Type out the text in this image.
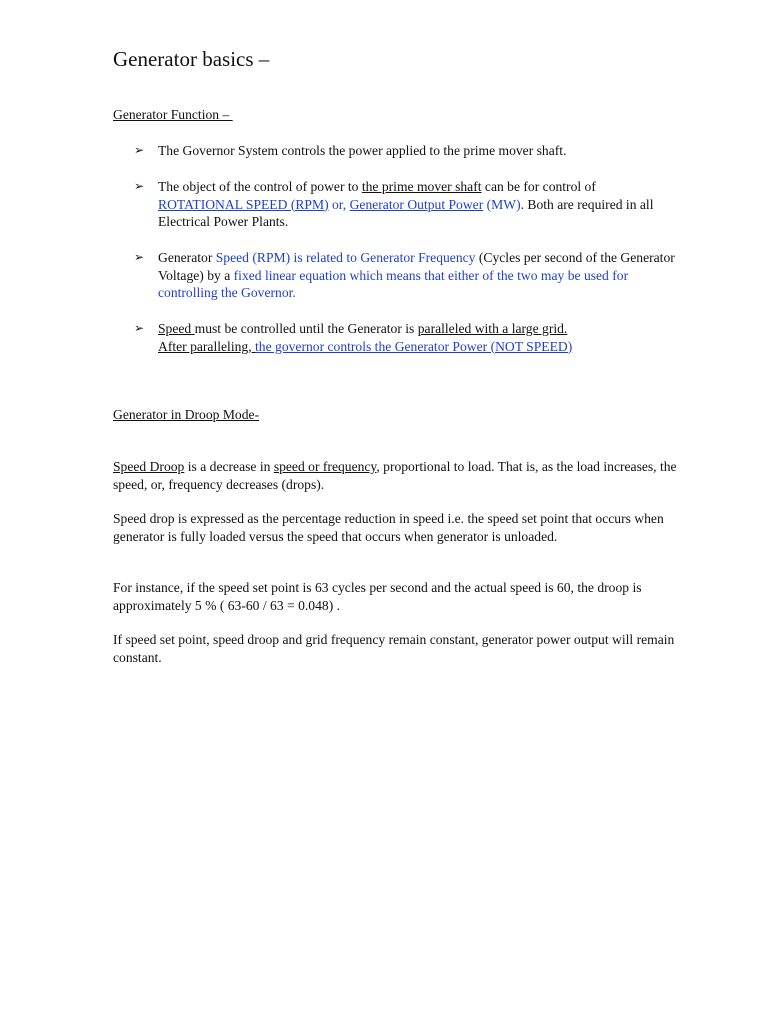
Generator basics –
Generator Function –
➢ The Governor System controls the power applied to the prime mover shaft.
➢ The object of the control of power to the prime mover shaft can be for control of ROTATIONAL SPEED (RPM) or, Generator Output Power (MW). Both are required in all Electrical Power Plants.
➢ Generator Speed (RPM) is related to Generator Frequency (Cycles per second of the Generator Voltage) by a fixed linear equation which means that either of the two may be used for controlling the Governor.
➢ Speed must be controlled until the Generator is paralleled with a large grid.
After paralleling, the governor controls the Generator Power (NOT SPEED)
Generator in Droop Mode-
Speed Droop is a decrease in speed or frequency, proportional to load. That is, as the load increases, the speed, or, frequency decreases (drops).
Speed drop is expressed as the percentage reduction in speed i.e. the speed set point that occurs when generator is fully loaded versus the speed that occurs when generator is unloaded.
For instance, if the speed set point is 63 cycles per second and the actual speed is 60, the droop is approximately 5 % ( 63-60 / 63 = 0.048) .
If speed set point, speed droop and grid frequency remain constant, generator power output will remain constant.
